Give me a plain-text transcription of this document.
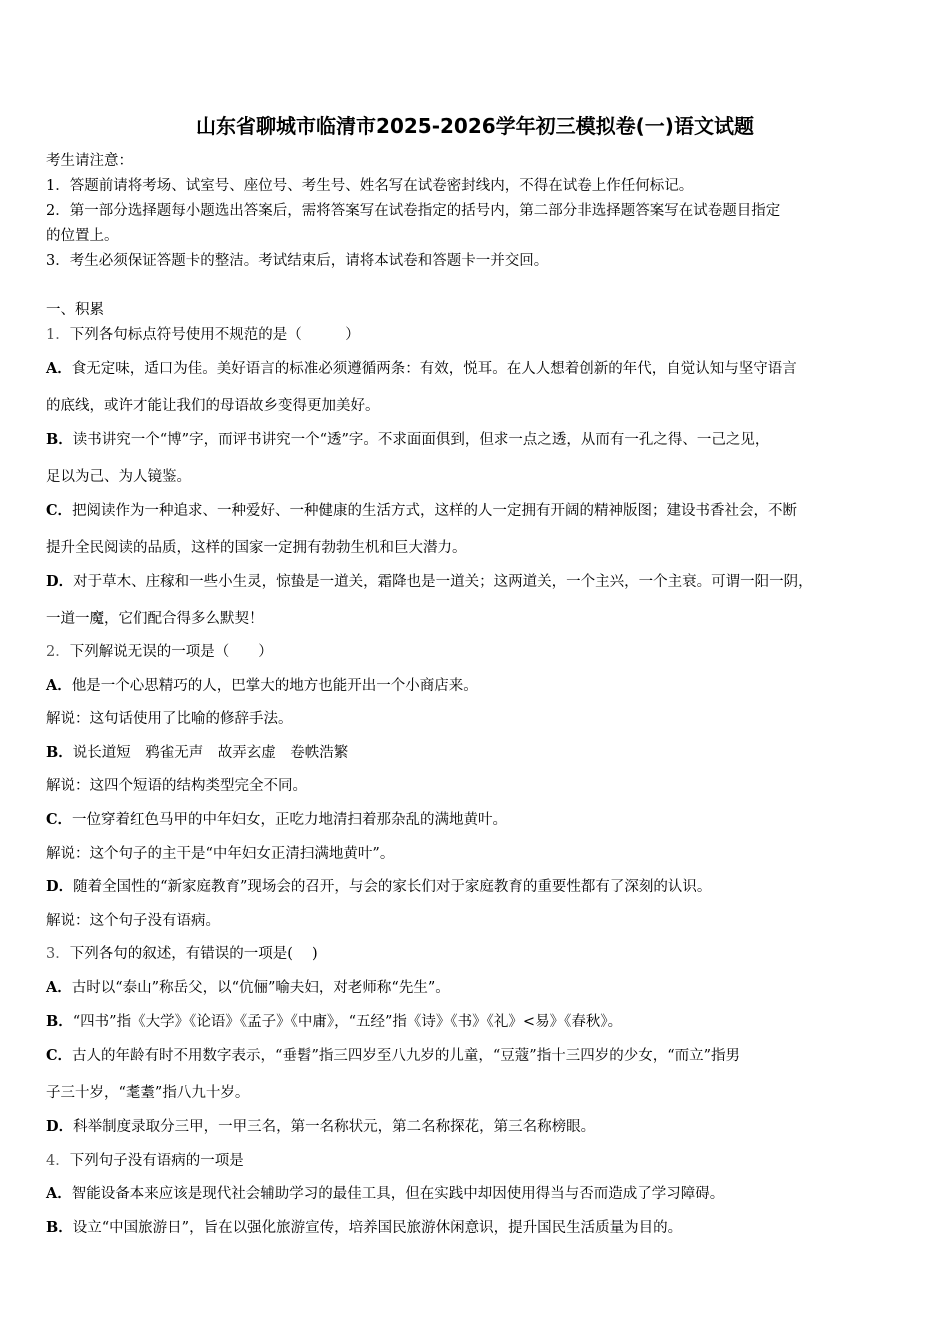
山东省聊城市临清市2025-2026学年初三模拟卷(一)语文试题
考生请注意：
1．答题前请将考场、试室号、座位号、考生号、姓名写在试卷密封线内，不得在试卷上作任何标记。
2．第一部分选择题每小题选出答案后，需将答案写在试卷指定的括号内，第二部分非选择题答案写在试卷题目指定
的位置上。
3．考生必须保证答题卡的整洁。考试结束后，请将本试卷和答题卡一并交回。
一、积累
1．下列各句标点符号使用不规范的是（　　　）
A．食无定味，适口为佳。美好语言的标准必须遵循两条：有效，悦耳。在人人想着创新的年代，自觉认知与坚守语言
的底线，或许才能让我们的母语故乡变得更加美好。
B．读书讲究一个“博”字，而评书讲究一个“透”字。不求面面俱到，但求一点之透，从而有一孔之得、一己之见，
足以为己、为人镜鉴。
C．把阅读作为一种追求、一种爱好、一种健康的生活方式，这样的人一定拥有开阔的精神版图；建设书香社会，不断
提升全民阅读的品质，这样的国家一定拥有勃勃生机和巨大潜力。
D．对于草木、庄稼和一些小生灵，惊蛰是一道关，霜降也是一道关；这两道关，一个主兴，一个主衰。可谓一阳一阴，
一道一魔，它们配合得多么默契！
2．下列解说无误的一项是（　　）
A．他是一个心思精巧的人，巴掌大的地方也能开出一个小商店来。
解说：这句话使用了比喻的修辞手法。
B．说长道短　鸦雀无声　故弄玄虚　卷帙浩繁
解说：这四个短语的结构类型完全不同。
C．一位穿着红色马甲的中年妇女，正吃力地清扫着那杂乱的满地黄叶。
解说：这个句子的主干是“中年妇女正清扫满地黄叶”。
D．随着全国性的“新家庭教育”现场会的召开，与会的家长们对于家庭教育的重要性都有了深刻的认识。
解说：这个句子没有语病。
3．下列各句的叙述，有错误的一项是(　 )
A．古时以“泰山”称岳父，以“伉俪”喻夫妇，对老师称“先生”。
B．“四书”指《大学》《论语》《孟子》《中庸》，“五经”指《诗》《书》《礼》<易》《春秋》。
C．古人的年龄有时不用数字表示，“垂髫”指三四岁至八九岁的儿童，“豆蔻”指十三四岁的少女，“而立”指男
子三十岁，“耄耋”指八九十岁。
D．科举制度录取分三甲，一甲三名，第一名称状元，第二名称探花，第三名称榜眼。
4．下列句子没有语病的一项是
A．智能设备本来应该是现代社会辅助学习的最佳工具，但在实践中却因使用得当与否而造成了学习障碍。
B．设立“中国旅游日”，旨在以强化旅游宣传，培养国民旅游休闲意识，提升国民生活质量为目的。
